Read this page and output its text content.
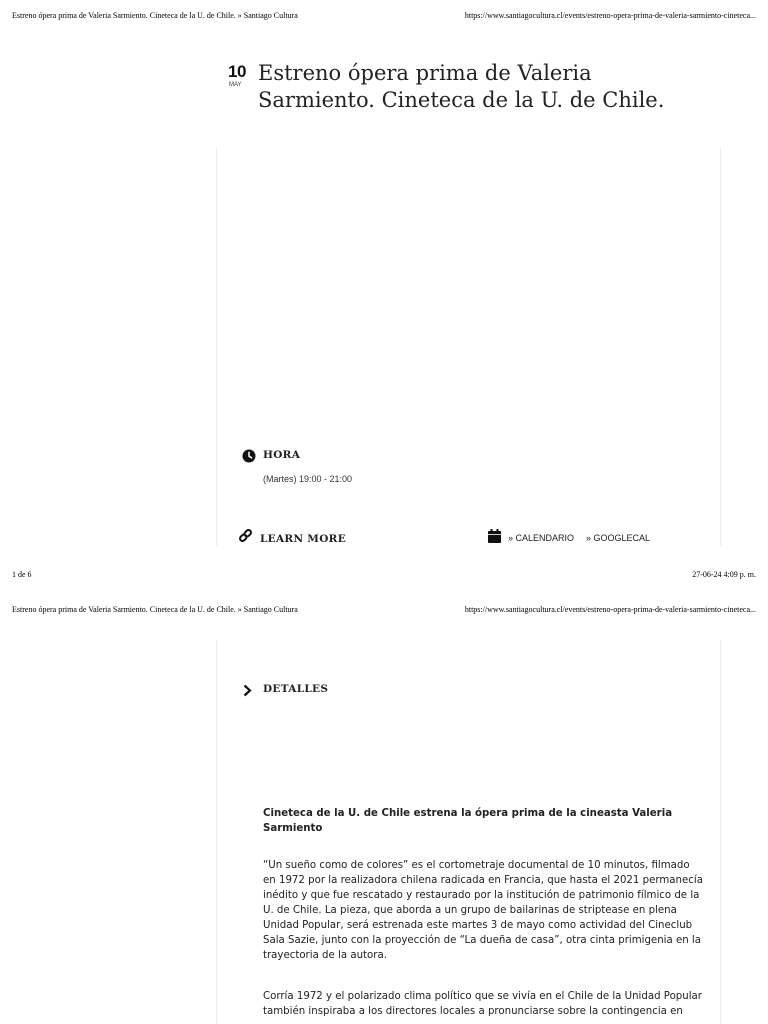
Estreno ópera prima de Valeria Sarmiento. Cineteca de la U. de Chile. » Santiago Cultura	https://www.santiagocultura.cl/events/estreno-opera-prima-de-valeria-sarmiento-cineteca...
10
MAY Estreno ópera prima de Valeria
Sarmiento. Cineteca de la U. de Chile.
HORA
(Martes) 19:00 - 21:00
LEARN MORE	» CALENDARIO » GOOGLECAL
1 de 6	27-06-24 4:09 p. m.
Estreno ópera prima de Valeria Sarmiento. Cineteca de la U. de Chile. » Santiago Cultura	https://www.santiagocultura.cl/events/estreno-opera-prima-de-valeria-sarmiento-cineteca...
DETALLES
Cineteca de la U. de Chile estrena la ópera prima de la cineasta Valeria
Sarmiento
“Un sueño como de colores” es el cortometraje documental de 10 minutos, filmado
en 1972 por la realizadora chilena radicada en Francia, que hasta el 2021 permanecía
inédito y que fue rescatado y restaurado por la institución de patrimonio fílmico de la
U. de Chile. La pieza, que aborda a un grupo de bailarinas de striptease en plena
Unidad Popular, será estrenada este martes 3 de mayo como actividad del Cineclub
Sala Sazie, junto con la proyección de “La dueña de casa”, otra cinta primigenia en la
trayectoria de la autora.
Corría 1972 y el polarizado clima político que se vivía en el Chile de la Unidad Popular
también inspiraba a los directores locales a pronunciarse sobre la contingencia en
